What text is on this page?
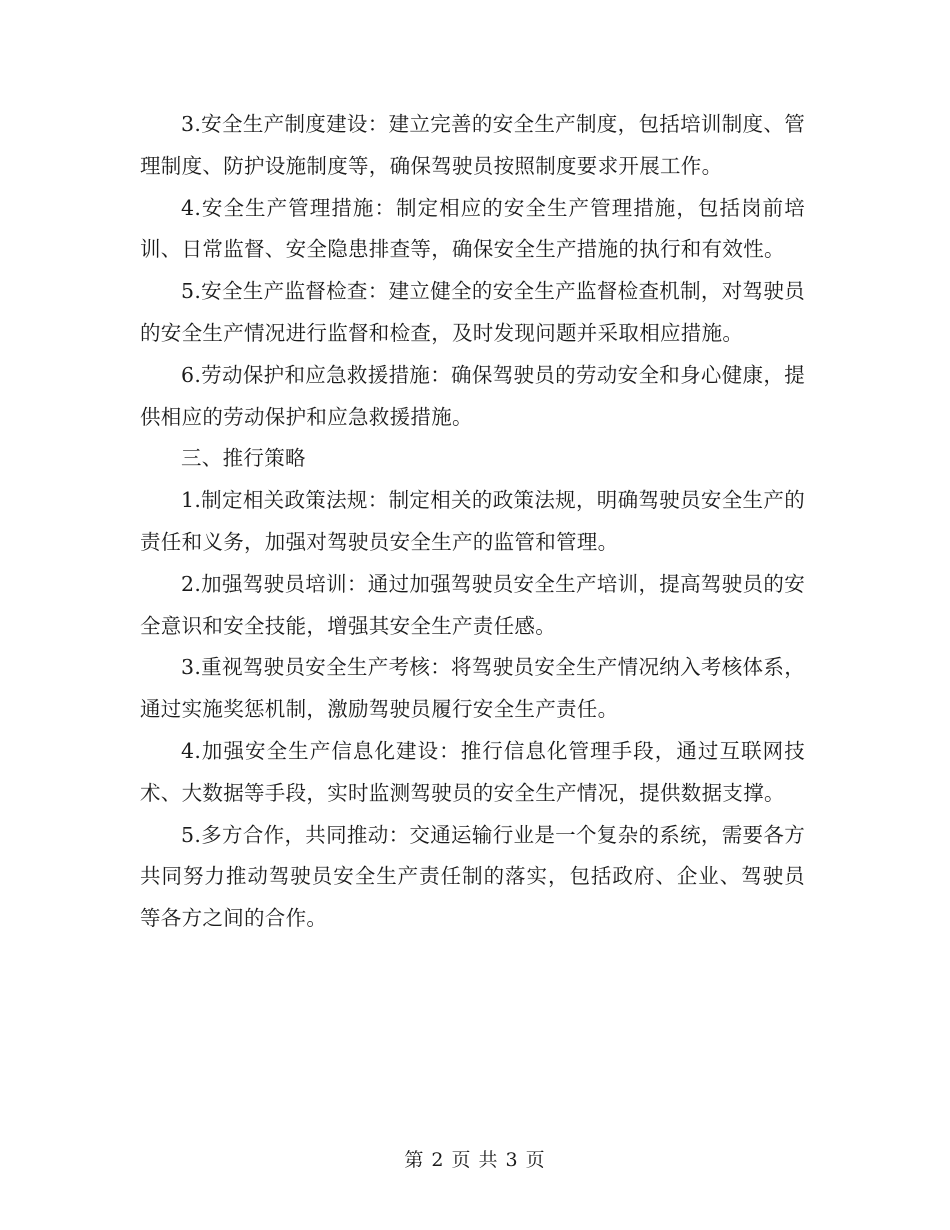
3.安全生产制度建设：建立完善的安全生产制度，包括培训制度、管理制度、防护设施制度等，确保驾驶员按照制度要求开展工作。

4.安全生产管理措施：制定相应的安全生产管理措施，包括岗前培训、日常监督、安全隐患排查等，确保安全生产措施的执行和有效性。

5.安全生产监督检查：建立健全的安全生产监督检查机制，对驾驶员的安全生产情况进行监督和检查，及时发现问题并采取相应措施。

6.劳动保护和应急救援措施：确保驾驶员的劳动安全和身心健康，提供相应的劳动保护和应急救援措施。

三、推行策略

1.制定相关政策法规：制定相关的政策法规，明确驾驶员安全生产的责任和义务，加强对驾驶员安全生产的监管和管理。

2.加强驾驶员培训：通过加强驾驶员安全生产培训，提高驾驶员的安全意识和安全技能，增强其安全生产责任感。

3.重视驾驶员安全生产考核：将驾驶员安全生产情况纳入考核体系，通过实施奖惩机制，激励驾驶员履行安全生产责任。

4.加强安全生产信息化建设：推行信息化管理手段，通过互联网技术、大数据等手段，实时监测驾驶员的安全生产情况，提供数据支撑。

5.多方合作，共同推动：交通运输行业是一个复杂的系统，需要各方共同努力推动驾驶员安全生产责任制的落实，包括政府、企业、驾驶员等各方之间的合作。

第 2 页 共 3 页
